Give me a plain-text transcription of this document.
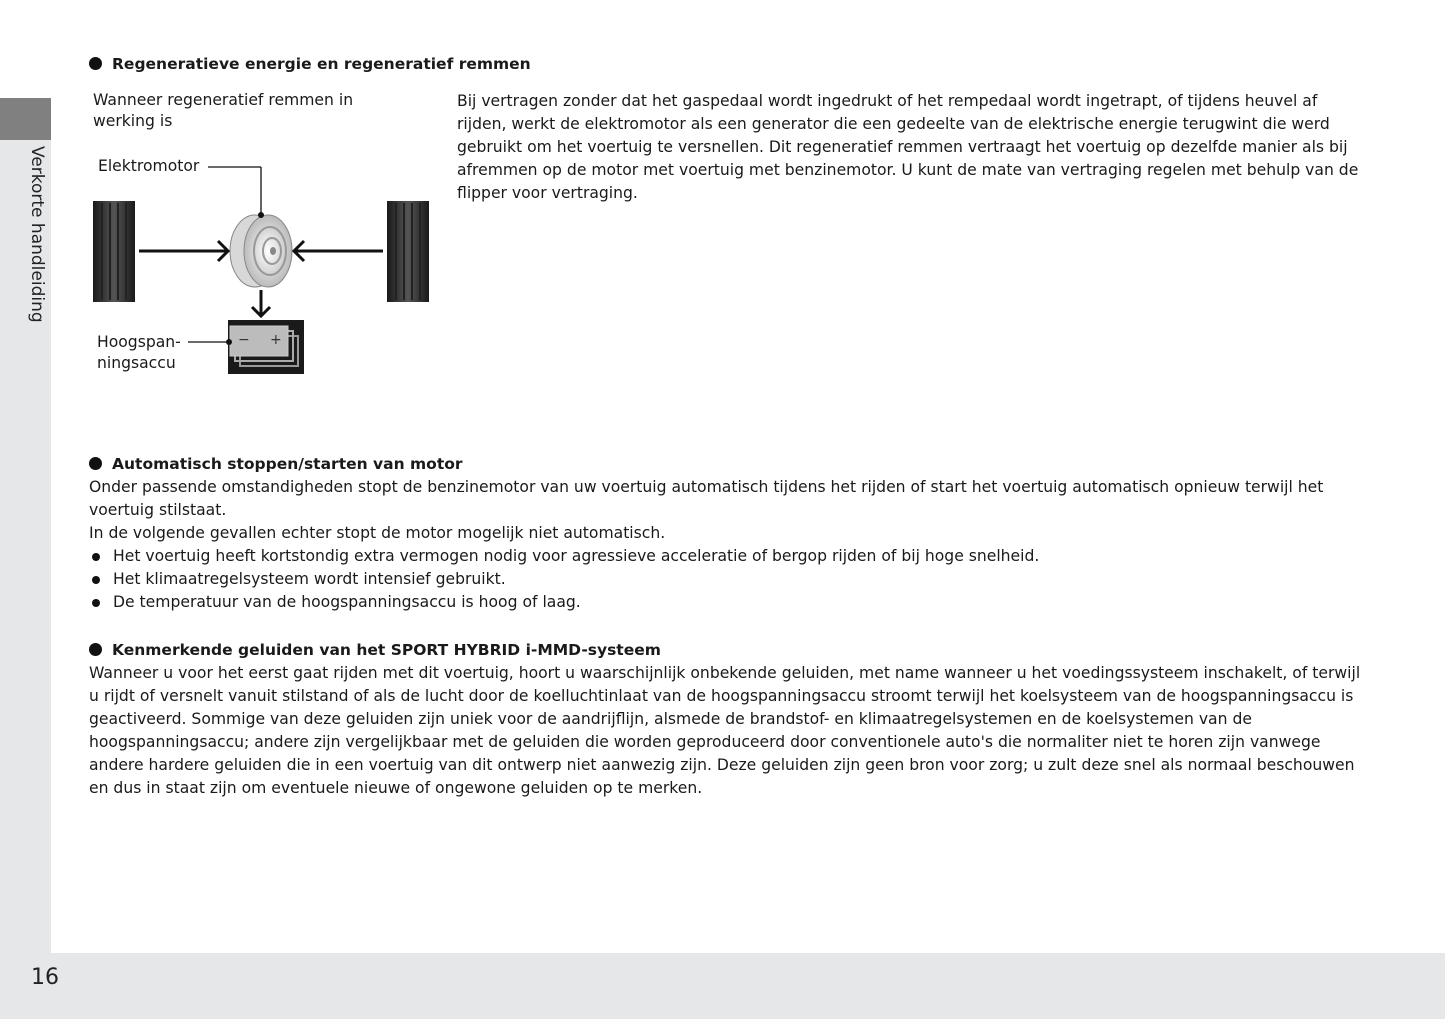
Verkorte handleiding
16
Regeneratieve energie en regeneratief remmen
Wanneer regeneratief remmen in
werking is
Elektromotor
Hoogspan-
ningsaccu
− +
Bij vertragen zonder dat het gaspedaal wordt ingedrukt of het rempedaal wordt ingetrapt, of tijdens heuvel af rijden, werkt de elektromotor als een generator die een gedeelte van de elektrische energie terugwint die werd gebruikt om het voertuig te versnellen. Dit regeneratief remmen vertraagt het voertuig op dezelfde manier als bij afremmen op de motor met voertuig met benzinemotor. U kunt de mate van vertraging regelen met behulp van de flipper voor vertraging.
Automatisch stoppen/starten van motor
Onder passende omstandigheden stopt de benzinemotor van uw voertuig automatisch tijdens het rijden of start het voertuig automatisch opnieuw terwijl het voertuig stilstaat.
In de volgende gevallen echter stopt de motor mogelijk niet automatisch.
Het voertuig heeft kortstondig extra vermogen nodig voor agressieve acceleratie of bergop rijden of bij hoge snelheid.
Het klimaatregelsysteem wordt intensief gebruikt.
De temperatuur van de hoogspanningsaccu is hoog of laag.
Kenmerkende geluiden van het SPORT HYBRID i-MMD-systeem
Wanneer u voor het eerst gaat rijden met dit voertuig, hoort u waarschijnlijk onbekende geluiden, met name wanneer u het voedingssysteem inschakelt, of terwijl u rijdt of versnelt vanuit stilstand of als de lucht door de koelluchtinlaat van de hoogspanningsaccu stroomt terwijl het koelsysteem van de hoogspanningsaccu is geactiveerd. Sommige van deze geluiden zijn uniek voor de aandrijflijn, alsmede de brandstof- en klimaatregelsystemen en de koelsystemen van de hoogspanningsaccu; andere zijn vergelijkbaar met de geluiden die worden geproduceerd door conventionele auto's die normaliter niet te horen zijn vanwege andere hardere geluiden die in een voertuig van dit ontwerp niet aanwezig zijn. Deze geluiden zijn geen bron voor zorg; u zult deze snel als normaal beschouwen en dus in staat zijn om eventuele nieuwe of ongewone geluiden op te merken.
